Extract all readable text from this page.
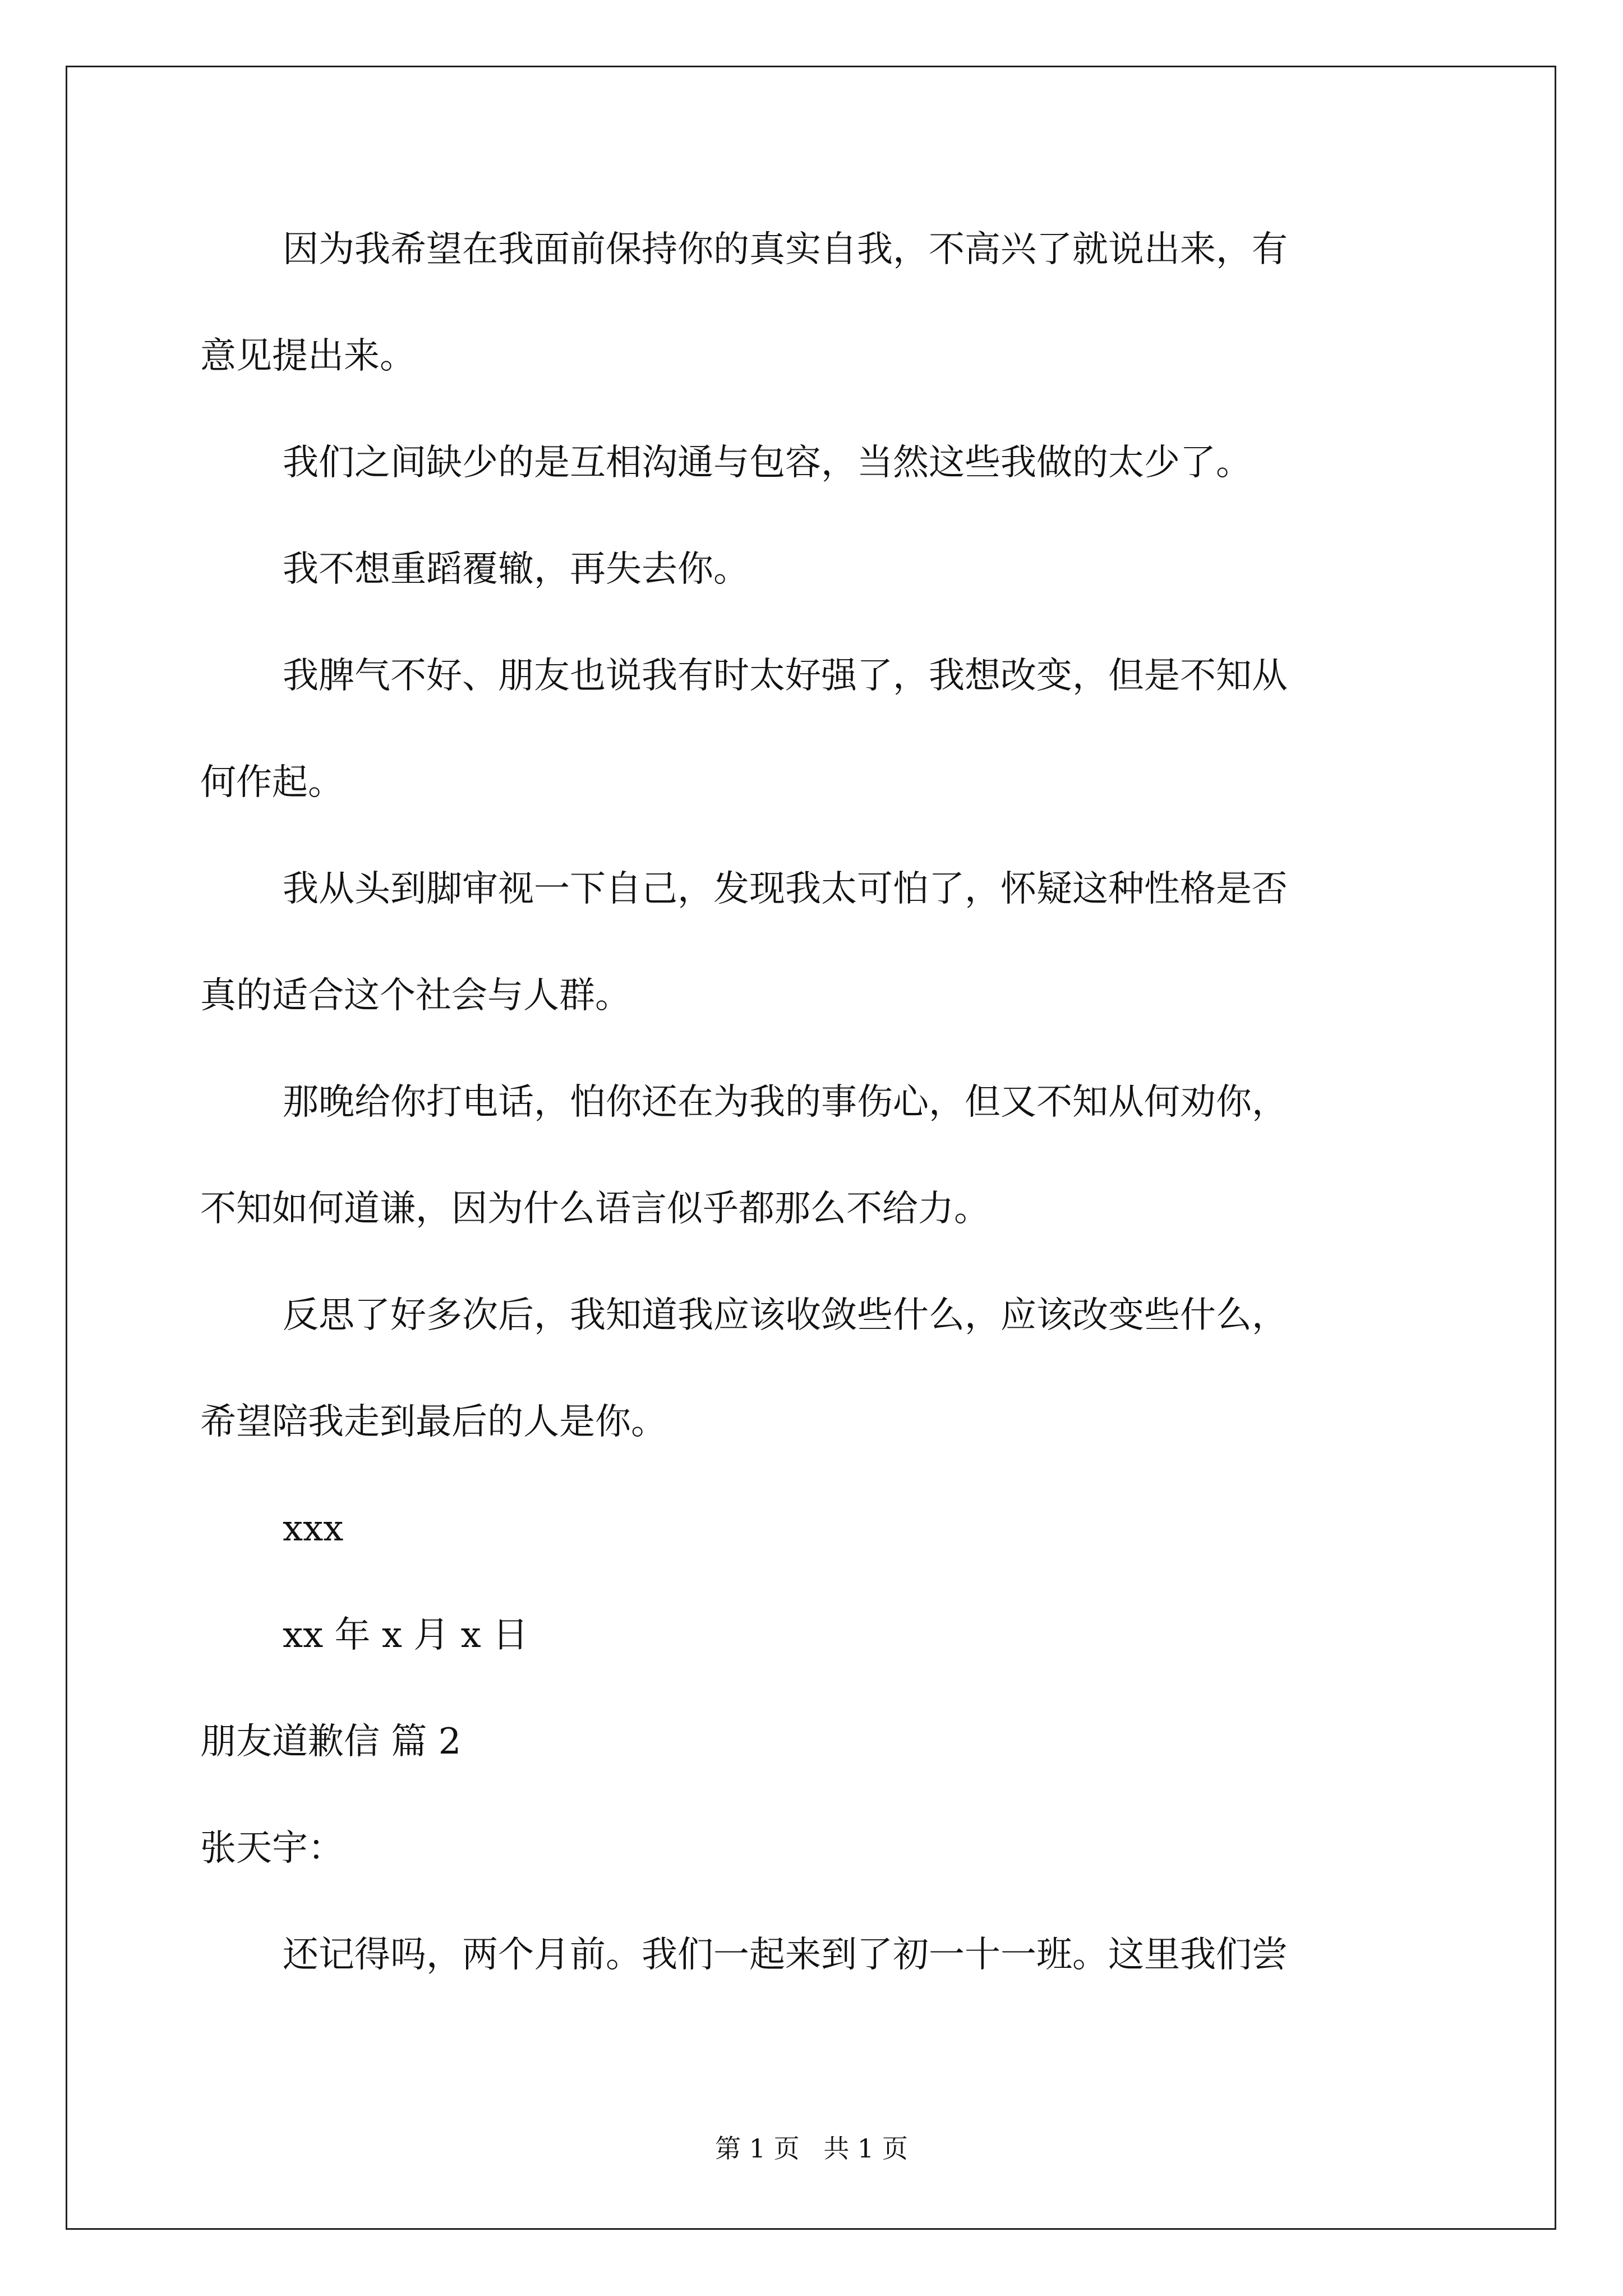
因为我希望在我面前保持你的真实自我，不高兴了就说出来，有
意见提出来。
我们之间缺少的是互相沟通与包容，当然这些我做的太少了。
我不想重蹈覆辙，再失去你。
我脾气不好、朋友也说我有时太好强了，我想改变，但是不知从
何作起。
我从头到脚审视一下自己，发现我太可怕了，怀疑这种性格是否
真的适合这个社会与人群。
那晚给你打电话，怕你还在为我的事伤心，但又不知从何劝你，
不知如何道谦，因为什么语言似乎都那么不给力。
反思了好多次后，我知道我应该收敛些什么，应该改变些什么，
希望陪我走到最后的人是你。
xxx
xx 年 x 月 x 日
朋友道歉信 篇 2
张天宇：
还记得吗，两个月前。我们一起来到了初一十一班。这里我们尝
第 1 页 共 1 页
